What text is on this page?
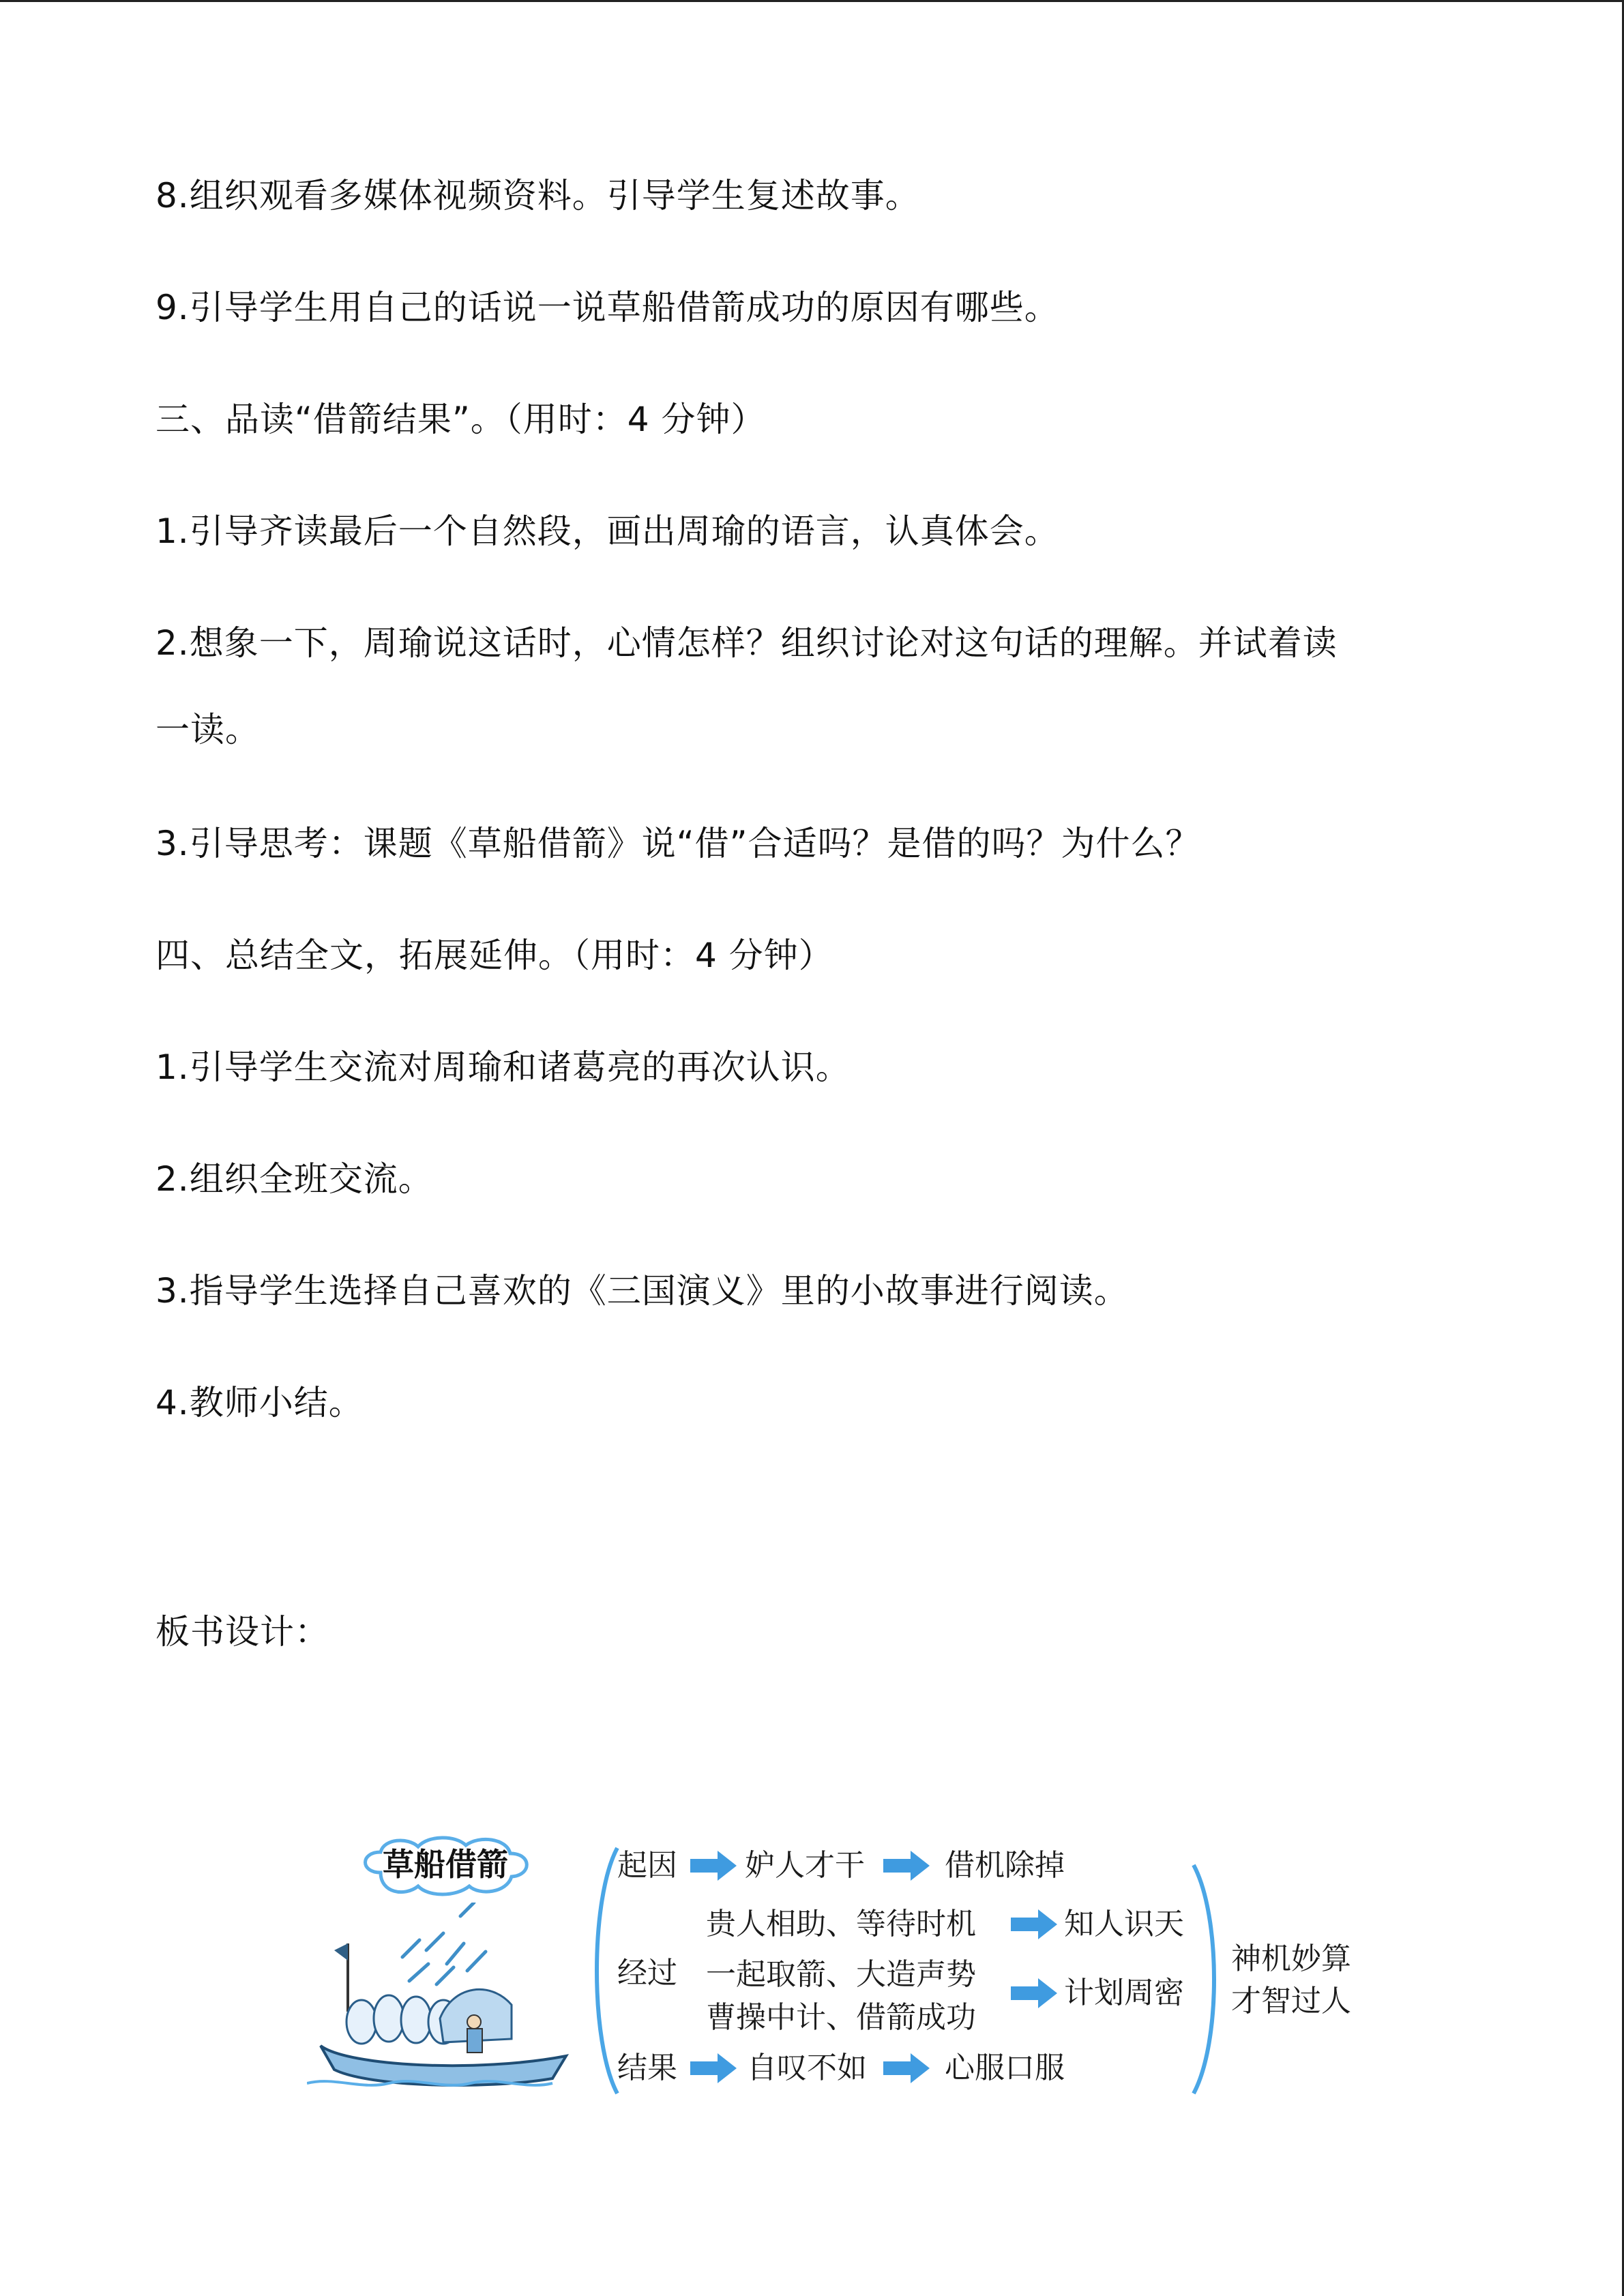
8.组织观看多媒体视频资料。引导学生复述故事。

9.引导学生用自己的话说一说草船借箭成功的原因有哪些。

三、品读“借箭结果”。（用时：4 分钟）

1.引导齐读最后一个自然段，画出周瑜的语言，认真体会。

2.想象一下，周瑜说这话时，心情怎样？组织讨论对这句话的理解。并试着读

一读。

3.引导思考：课题《草船借箭》说“借”合适吗？是借的吗？为什么？

四、总结全文，拓展延伸。（用时：4 分钟）

1.引导学生交流对周瑜和诸葛亮的再次认识。

2.组织全班交流。

3.指导学生选择自己喜欢的《三国演义》里的小故事进行阅读。

4.教师小结。

板书设计：

草船借箭	起因 妒人才干	借机除掉
经过
贵人相助、等待时机	知人识天
一起取箭、大造声势
曹操中计、借箭成功
计划周密
结果 自叹不如	心服口服
神机妙算
才智过人
